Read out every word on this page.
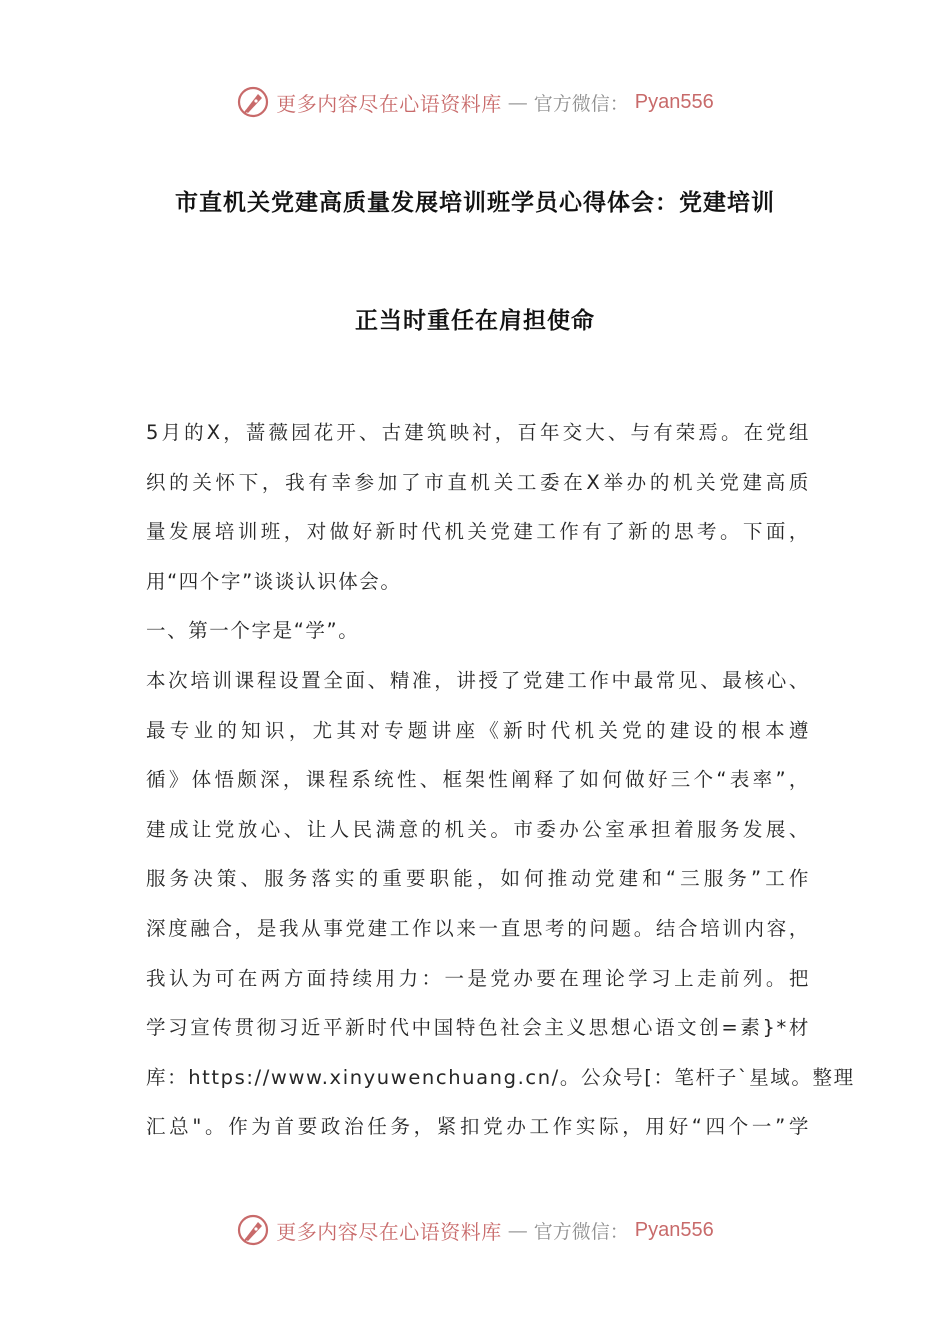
更多内容尽在心语资料库 — 官方微信： Pyan556
市直机关党建高质量发展培训班学员心得体会：党建培训
正当时重任在肩担使命
5月的X，蔷薇园花开、古建筑映衬，百年交大、与有荣焉。在党组
织的关怀下，我有幸参加了市直机关工委在X举办的机关党建高质
量发展培训班，对做好新时代机关党建工作有了新的思考。下面，
用“四个字”谈谈认识体会。
一、第一个字是“学”。
本次培训课程设置全面、精准，讲授了党建工作中最常见、最核心、
最专业的知识，尤其对专题讲座《新时代机关党的建设的根本遵
循》体悟颇深，课程系统性、框架性阐释了如何做好三个“表率”，
建成让党放心、让人民满意的机关。市委办公室承担着服务发展、
服务决策、服务落实的重要职能，如何推动党建和“三服务”工作
深度融合，是我从事党建工作以来一直思考的问题。结合培训内容，
我认为可在两方面持续用力：一是党办要在理论学习上走前列。把
学习宣传贯彻习近平新时代中国特色社会主义思想心语文创=素}*材
库：https://www.xinyuwenchuang.cn/。公众号[：笔杆子`星域。整理
汇总"。作为首要政治任务，紧扣党办工作实际，用好“四个一”学
更多内容尽在心语资料库 — 官方微信： Pyan556
